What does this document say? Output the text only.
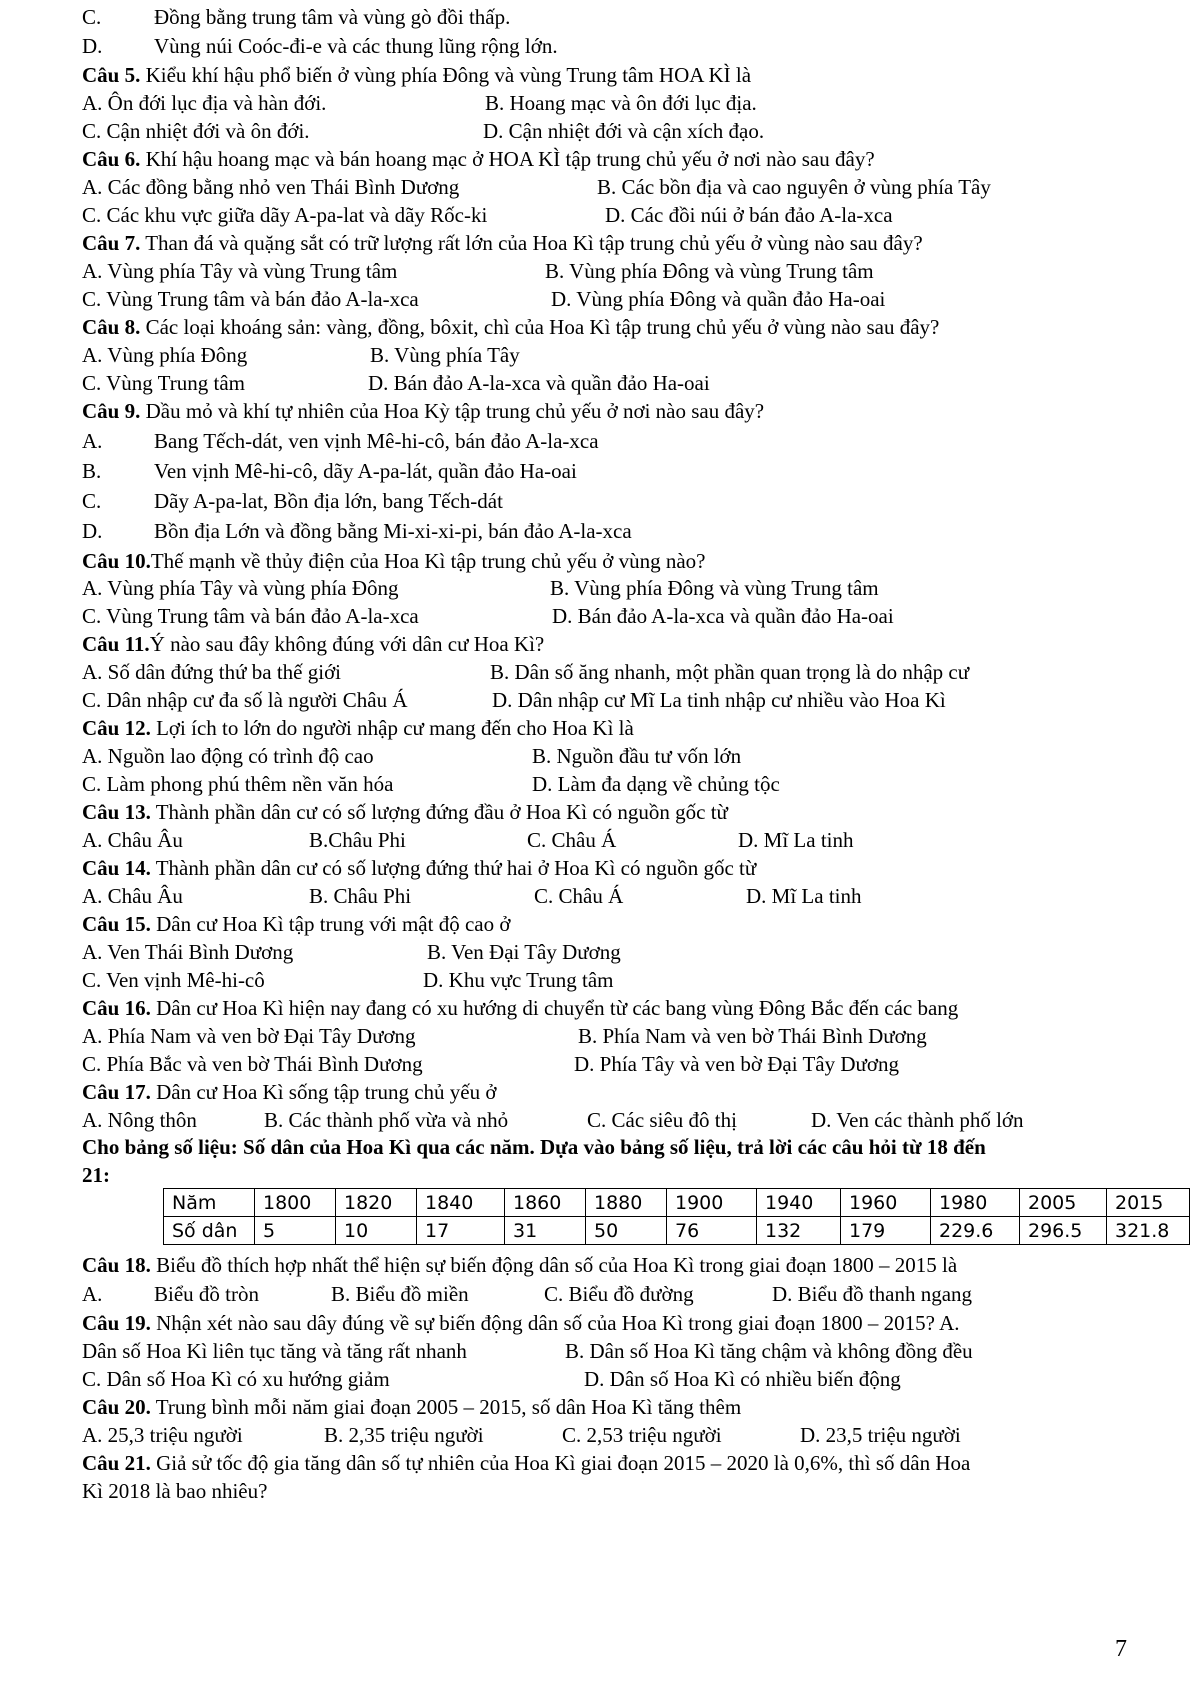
C.	Đồng bằng trung tâm và vùng gò đồi thấp.
D. Vùng núi Coóc-đi-e và các thung lũng rộng lớn.
Câu 5. Kiểu khí hậu phổ biến ở vùng phía Đông và vùng Trung tâm HOA KÌ là
A. Ôn đới lục địa và hàn đới.	B. Hoang mạc và ôn đới lục địa.
C. Cận nhiệt đới và ôn đới.	D. Cận nhiệt đới và cận xích đạo.
Câu 6. Khí hậu hoang mạc và bán hoang mạc ở HOA KÌ tập trung chủ yếu ở nơi nào sau đây?
A. Các đồng bằng nhỏ ven Thái Bình Dương	B. Các bồn địa và cao nguyên ở vùng phía Tây
C. Các khu vực giữa dãy A-pa-lat và dãy Rốc-ki	D. Các đồi núi ở bán đảo A-la-xca
Câu 7. Than đá và quặng sắt có trữ lượng rất lớn của Hoa Kì tập trung chủ yếu ở vùng nào sau đây?
A. Vùng phía Tây và vùng Trung tâm	B. Vùng phía Đông và vùng Trung tâm
C. Vùng Trung tâm và bán đảo A-la-xca	D. Vùng phía Đông và quần đảo Ha-oai
Câu 8. Các loại khoáng sản: vàng, đồng, bôxit, chì của Hoa Kì tập trung chủ yếu ở vùng nào sau đây?
A. Vùng phía Đông	B. Vùng phía Tây
C. Vùng Trung tâm	D. Bán đảo A-la-xca và quần đảo Ha-oai
Câu 9. Dầu mỏ và khí tự nhiên của Hoa Kỳ tập trung chủ yếu ở nơi nào sau đây?
A. Bang Tếch-dát, ven vịnh Mê-hi-cô, bán đảo A-la-xca
B.	Ven vịnh Mê-hi-cô, dãy A-pa-lát, quần đảo Ha-oai
C.	Dãy A-pa-lat, Bồn địa lớn, bang Tếch-dát
D. Bồn địa Lớn và đồng bằng Mi-xi-xi-pi, bán đảo A-la-xca
Câu 10.Thế mạnh về thủy điện của Hoa Kì tập trung chủ yếu ở vùng nào?
A. Vùng phía Tây và vùng phía Đông	B. Vùng phía Đông và vùng Trung tâm
C. Vùng Trung tâm và bán đảo A-la-xca	D. Bán đảo A-la-xca và quần đảo Ha-oai
Câu 11.Ý nào sau đây không đúng với dân cư Hoa Kì?
A. Số dân đứng thứ ba thế giới	B. Dân số ăng nhanh, một phần quan trọng là do nhập cư
C. Dân nhập cư đa số là người Châu Á	D. Dân nhập cư Mĩ La tinh nhập cư nhiều vào Hoa Kì
Câu 12. Lợi ích to lớn do người nhập cư mang đến cho Hoa Kì là
A. Nguồn lao động có trình độ cao	B. Nguồn đầu tư vốn lớn
C. Làm phong phú thêm nền văn hóa	D. Làm đa dạng về chủng tộc
Câu 13. Thành phần dân cư có số lượng đứng đầu ở Hoa Kì có nguồn gốc từ
A. Châu Âu	B.Châu Phi	C. Châu Á	D. Mĩ La tinh
Câu 14. Thành phần dân cư có số lượng đứng thứ hai ở Hoa Kì có nguồn gốc từ
A. Châu Âu	B. Châu Phi	C. Châu Á	D. Mĩ La tinh
Câu 15. Dân cư Hoa Kì tập trung với mật độ cao ở
A. Ven Thái Bình Dương	B. Ven Đại Tây Dương
C. Ven vịnh Mê-hi-cô	D. Khu vực Trung tâm
Câu 16. Dân cư Hoa Kì hiện nay đang có xu hướng di chuyển từ các bang vùng Đông Bắc đến các bang
A. Phía Nam và ven bờ Đại Tây Dương	B. Phía Nam và ven bờ Thái Bình Dương
C. Phía Bắc và ven bờ Thái Bình Dương	D. Phía Tây và ven bờ Đại Tây Dương
Câu 17. Dân cư Hoa Kì sống tập trung chủ yếu ở
A. Nông thôn	B. Các thành phố vừa và nhỏ	C. Các siêu đô thị	D. Ven các thành phố lớn
Cho bảng số liệu: Số dân của Hoa Kì qua các năm. Dựa vào bảng số liệu, trả lời các câu hỏi từ 18 đến
21:
Năm	1800	1820	1840	1860	1880	1900	1940	1960	1980	2005	2015
Số dân	5	10	17	31	50	76	132	179	229.6	296.5	321.8
Câu 18. Biểu đồ thích hợp nhất thể hiện sự biến động dân số của Hoa Kì trong giai đoạn 1800 – 2015 là
A. Biểu đồ tròn	B. Biểu đồ miền	C. Biểu đồ đường	D. Biểu đồ thanh ngang
Câu 19. Nhận xét nào sau dây đúng về sự biến động dân số của Hoa Kì trong giai đoạn 1800 – 2015? A.
Dân số Hoa Kì liên tục tăng và tăng rất nhanh	B. Dân số Hoa Kì tăng chậm và không đồng đều
C. Dân số Hoa Kì có xu hướng giảm	D. Dân số Hoa Kì có nhiều biến động
Câu 20. Trung bình mỗi năm giai đoạn 2005 – 2015, số dân Hoa Kì tăng thêm
A. 25,3 triệu người	B. 2,35 triệu người	C. 2,53 triệu người	D. 23,5 triệu người
Câu 21. Giả sử tốc độ gia tăng dân số tự nhiên của Hoa Kì giai đoạn 2015 – 2020 là 0,6%, thì số dân Hoa
Kì 2018 là bao nhiêu?
7
